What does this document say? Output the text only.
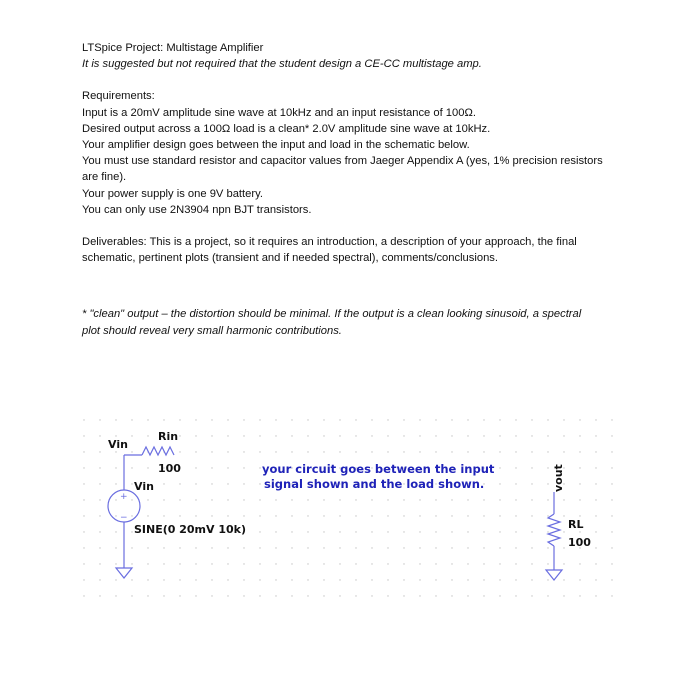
LTSpice Project: Multistage Amplifier

It is suggested but not required that the student design a CE-CC multistage amp.

Requirements:

Input is a 20mV amplitude sine wave at 10kHz and an input resistance of 100Ω.

Desired output across a 100Ω load is a clean* 2.0V amplitude sine wave at 10kHz.

Your amplifier design goes between the input and load in the schematic below.

You must use standard resistor and capacitor values from Jaeger Appendix A (yes, 1% precision resistors

are fine).

Your power supply is one 9V battery.

You can only use 2N3904 npn BJT transistors.

Deliverables: This is a project, so it requires an introduction, a description of your approach, the final

schematic, pertinent plots (transient and if needed spectral), comments/conclusions.

* "clean" output – the distortion should be minimal. If the output is a clean looking sinusoid, a spectral

plot should reveal very small harmonic contributions.

+
−
Vin
Rin
100
Vin
SINE(0 20mV 10k)
your circuit goes between the input
signal shown and the load shown.	vout
RL
100
